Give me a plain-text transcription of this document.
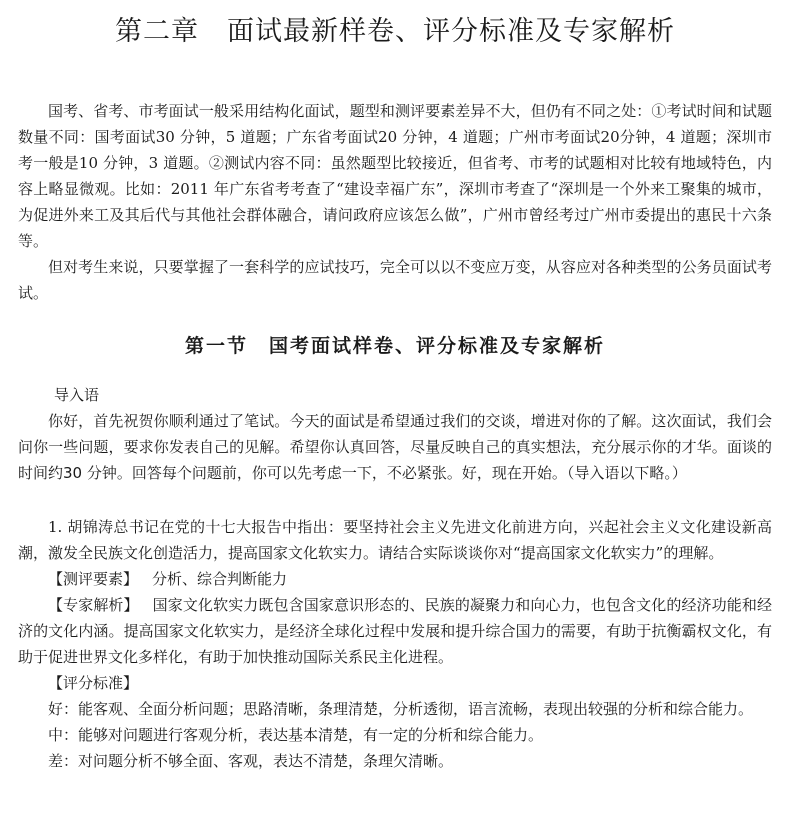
第二章　面试最新样卷、评分标准及专家解析

国考、省考、市考面试一般采用结构化面试，题型和测评要素差异不大，但仍有不同之处：①考试时间和试题数量不同：国考面试30 分钟，5 道题；广东省考面试20 分钟，4 道题；广州市考面试20分钟，4 道题；深圳市考一般是10 分钟，3 道题。②测试内容不同：虽然题型比较接近，但省考、市考的试题相对比较有地域特色，内容上略显微观。比如：2011 年广东省考考查了“建设幸福广东”，深圳市考查了“深圳是一个外来工聚集的城市，为促进外来工及其后代与其他社会群体融合，请问政府应该怎么做”，广州市曾经考过广州市委提出的惠民十六条等。

但对考生来说，只要掌握了一套科学的应试技巧，完全可以以不变应万变，从容应对各种类型的公务员面试考试。

第一节　国考面试样卷、评分标准及专家解析
导入语

你好，首先祝贺你顺利通过了笔试。今天的面试是希望通过我们的交谈，增进对你的了解。这次面试，我们会问你一些问题，要求你发表自己的见解。希望你认真回答，尽量反映自己的真实想法，充分展示你的才华。面谈的时间约30 分钟。回答每个问题前，你可以先考虑一下，不必紧张。好，现在开始。（导入语以下略。）

1. 胡锦涛总书记在党的十七大报告中指出：要坚持社会主义先进文化前进方向，兴起社会主义文化建设新高潮，激发全民族文化创造活力，提高国家文化软实力。请结合实际谈谈你对“提高国家文化软实力”的理解。

【测评要素】 分析、综合判断能力

【专家解析】 国家文化软实力既包含国家意识形态的、民族的凝聚力和向心力，也包含文化的经济功能和经济的文化内涵。提高国家文化软实力，是经济全球化过程中发展和提升综合国力的需要，有助于抗衡霸权文化，有助于促进世界文化多样化，有助于加快推动国际关系民主化进程。

【评分标准】

好：能客观、全面分析问题；思路清晰，条理清楚，分析透彻，语言流畅，表现出较强的分析和综合能力。

中：能够对问题进行客观分析，表达基本清楚，有一定的分析和综合能力。

差：对问题分析不够全面、客观，表达不清楚，条理欠清晰。
